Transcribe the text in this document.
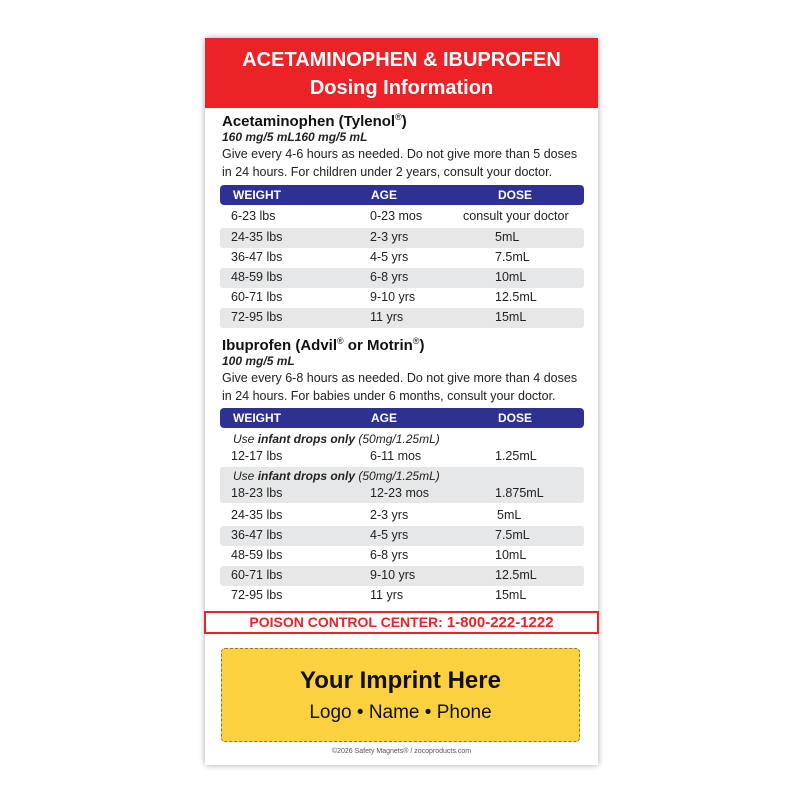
ACETAMINOPHEN & IBUPROFEN
Dosing Information
Acetaminophen (Tylenol®)
160 mg/5 mL160 mg/5 mL
Give every 4-6 hours as needed. Do not give more than 5 doses in 24 hours. For children under 2 years, consult your doctor.
WEIGHT	AGE	DOSE
6-23 lbs	0-23 mos	consult your doctor
24-35 lbs	2-3 yrs	5mL
36-47 lbs	4-5 yrs	7.5mL
48-59 lbs	6-8 yrs	10mL
60-71 lbs	9-10 yrs	12.5mL
72-95 lbs	11 yrs	15mL
Ibuprofen (Advil® or Motrin®)
100 mg/5 mL
Give every 6-8 hours as needed. Do not give more than 4 doses in 24 hours. For babies under 6 months, consult your doctor.
WEIGHT	AGE	DOSE
Use infant drops only (50mg/1.25mL)
12-17 lbs	6-11 mos	1.25mL
Use infant drops only (50mg/1.25mL)
18-23 lbs	12-23 mos	1.875mL
24-35 lbs	2-3 yrs	5mL
36-47 lbs	4-5 yrs	7.5mL
48-59 lbs	6-8 yrs	10mL
60-71 lbs	9-10 yrs	12.5mL
72-95 lbs	11 yrs	15mL
POISON CONTROL CENTER: 1-800-222-1222
Your Imprint Here
Logo • Name • Phone
©2026 Safety Magnets® / zocoproducts.com
